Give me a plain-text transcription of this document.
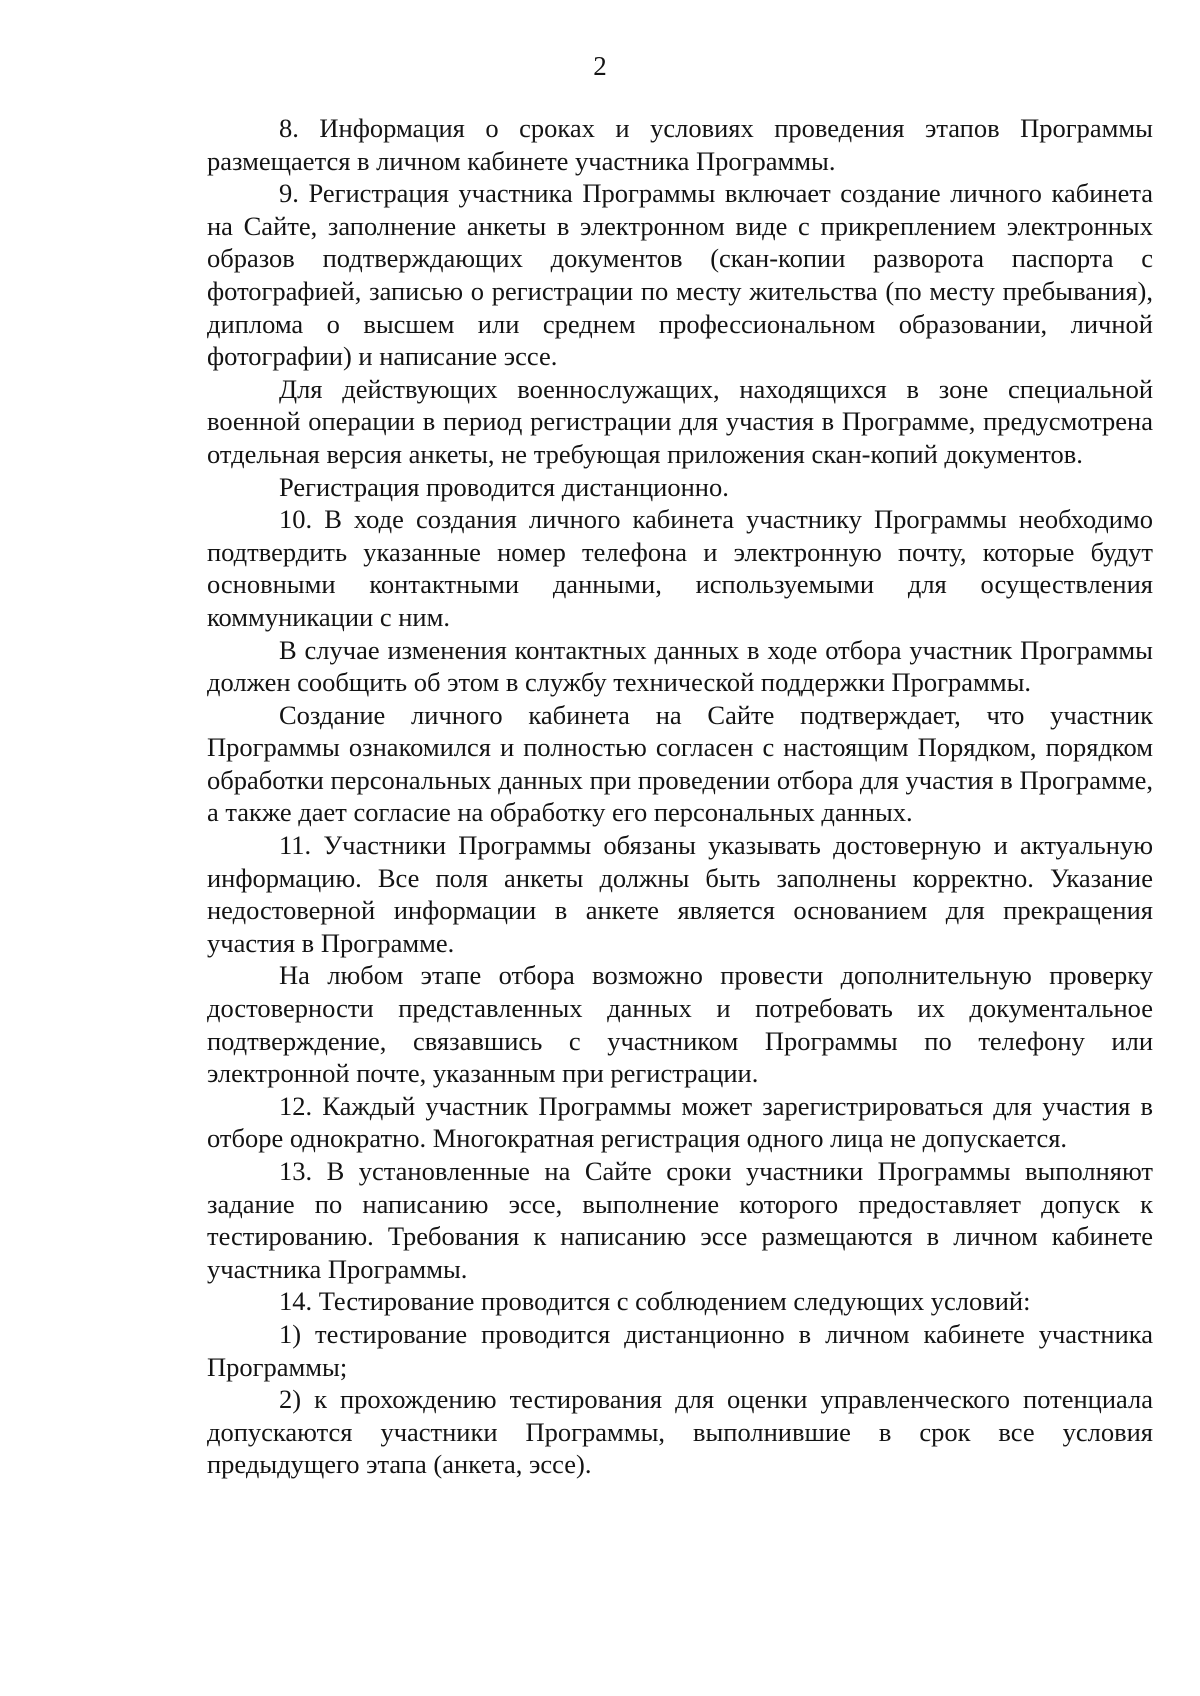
2

8. Информация о сроках и условиях проведения этапов Программы размещается в личном кабинете участника Программы.

9. Регистрация участника Программы включает создание личного кабинета на Сайте, заполнение анкеты в электронном виде с прикреплением электронных образов подтверждающих документов (скан-копии разворота паспорта с фотографией, записью о регистрации по месту жительства (по месту пребывания), диплома о высшем или среднем профессиональном образовании, личной фотографии) и написание эссе.

Для действующих военнослужащих, находящихся в зоне специальной военной операции в период регистрации для участия в Программе, предусмотрена отдельная версия анкеты, не требующая приложения скан-копий документов.

Регистрация проводится дистанционно.

10. В ходе создания личного кабинета участнику Программы необходимо подтвердить указанные номер телефона и электронную почту, которые будут основными контактными данными, используемыми для осуществления коммуникации с ним.

В случае изменения контактных данных в ходе отбора участник Программы должен сообщить об этом в службу технической поддержки Программы.

Создание личного кабинета на Сайте подтверждает, что участник Программы ознакомился и полностью согласен с настоящим Порядком, порядком обработки персональных данных при проведении отбора для участия в Программе, а также дает согласие на обработку его персональных данных.

11. Участники Программы обязаны указывать достоверную и актуальную информацию. Все поля анкеты должны быть заполнены корректно. Указание недостоверной информации в анкете является основанием для прекращения участия в Программе.

На любом этапе отбора возможно провести дополнительную проверку достоверности представленных данных и потребовать их документальное подтверждение, связавшись с участником Программы по телефону или электронной почте, указанным при регистрации.

12. Каждый участник Программы может зарегистрироваться для участия в отборе однократно. Многократная регистрация одного лица не допускается.

13. В установленные на Сайте сроки участники Программы выполняют задание по написанию эссе, выполнение которого предоставляет допуск к тестированию. Требования к написанию эссе размещаются в личном кабинете участника Программы.

14. Тестирование проводится с соблюдением следующих условий:

1) тестирование проводится дистанционно в личном кабинете участника Программы;

2) к прохождению тестирования для оценки управленческого потенциала допускаются участники Программы, выполнившие в срок все условия предыдущего этапа (анкета, эссе).
